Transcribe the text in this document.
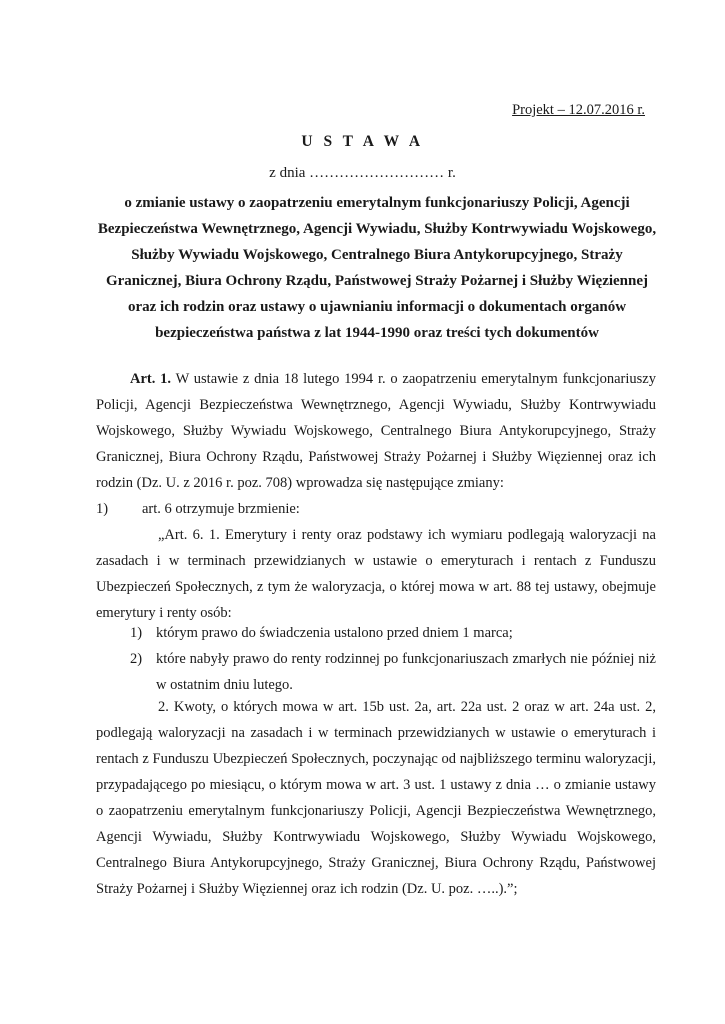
Projekt – 12.07.2016 r.
U S T A W A
z dnia ……………………… r.
o zmianie ustawy o zaopatrzeniu emerytalnym funkcjonariuszy Policji, Agencji Bezpieczeństwa Wewnętrznego, Agencji Wywiadu, Służby Kontrwywiadu Wojskowego, Służby Wywiadu Wojskowego, Centralnego Biura Antykorupcyjnego, Straży Granicznej, Biura Ochrony Rządu, Państwowej Straży Pożarnej i Służby Więziennej oraz ich rodzin oraz ustawy o ujawnianiu informacji o dokumentach organów bezpieczeństwa państwa z lat 1944-1990 oraz treści tych dokumentów
Art. 1. W ustawie z dnia 18 lutego 1994 r. o zaopatrzeniu emerytalnym funkcjonariuszy Policji, Agencji Bezpieczeństwa Wewnętrznego, Agencji Wywiadu, Służby Kontrwywiadu Wojskowego, Służby Wywiadu Wojskowego, Centralnego Biura Antykorupcyjnego, Straży Granicznej, Biura Ochrony Rządu, Państwowej Straży Pożarnej i Służby Więziennej oraz ich rodzin (Dz. U. z 2016 r. poz. 708) wprowadza się następujące zmiany:
1) art. 6 otrzymuje brzmienie:
„Art. 6. 1. Emerytury i renty oraz podstawy ich wymiaru podlegają waloryzacji na zasadach i w terminach przewidzianych w ustawie o emeryturach i rentach z Funduszu Ubezpieczeń Społecznych, z tym że waloryzacja, o której mowa w art. 88 tej ustawy, obejmuje emerytury i renty osób:
1) którym prawo do świadczenia ustalono przed dniem 1 marca;
2) które nabyły prawo do renty rodzinnej po funkcjonariuszach zmarłych nie później niż w ostatnim dniu lutego.
2. Kwoty, o których mowa w art. 15b ust. 2a, art. 22a ust. 2 oraz w art. 24a ust. 2, podlegają waloryzacji na zasadach i w terminach przewidzianych w ustawie o emeryturach i rentach z Funduszu Ubezpieczeń Społecznych, poczynając od najbliższego terminu waloryzacji, przypadającego po miesiącu, o którym mowa w art. 3 ust. 1 ustawy z dnia … o zmianie ustawy o zaopatrzeniu emerytalnym funkcjonariuszy Policji, Agencji Bezpieczeństwa Wewnętrznego, Agencji Wywiadu, Służby Kontrwywiadu Wojskowego, Służby Wywiadu Wojskowego, Centralnego Biura Antykorupcyjnego, Straży Granicznej, Biura Ochrony Rządu, Państwowej Straży Pożarnej i Służby Więziennej oraz ich rodzin (Dz. U. poz. …..).”;
